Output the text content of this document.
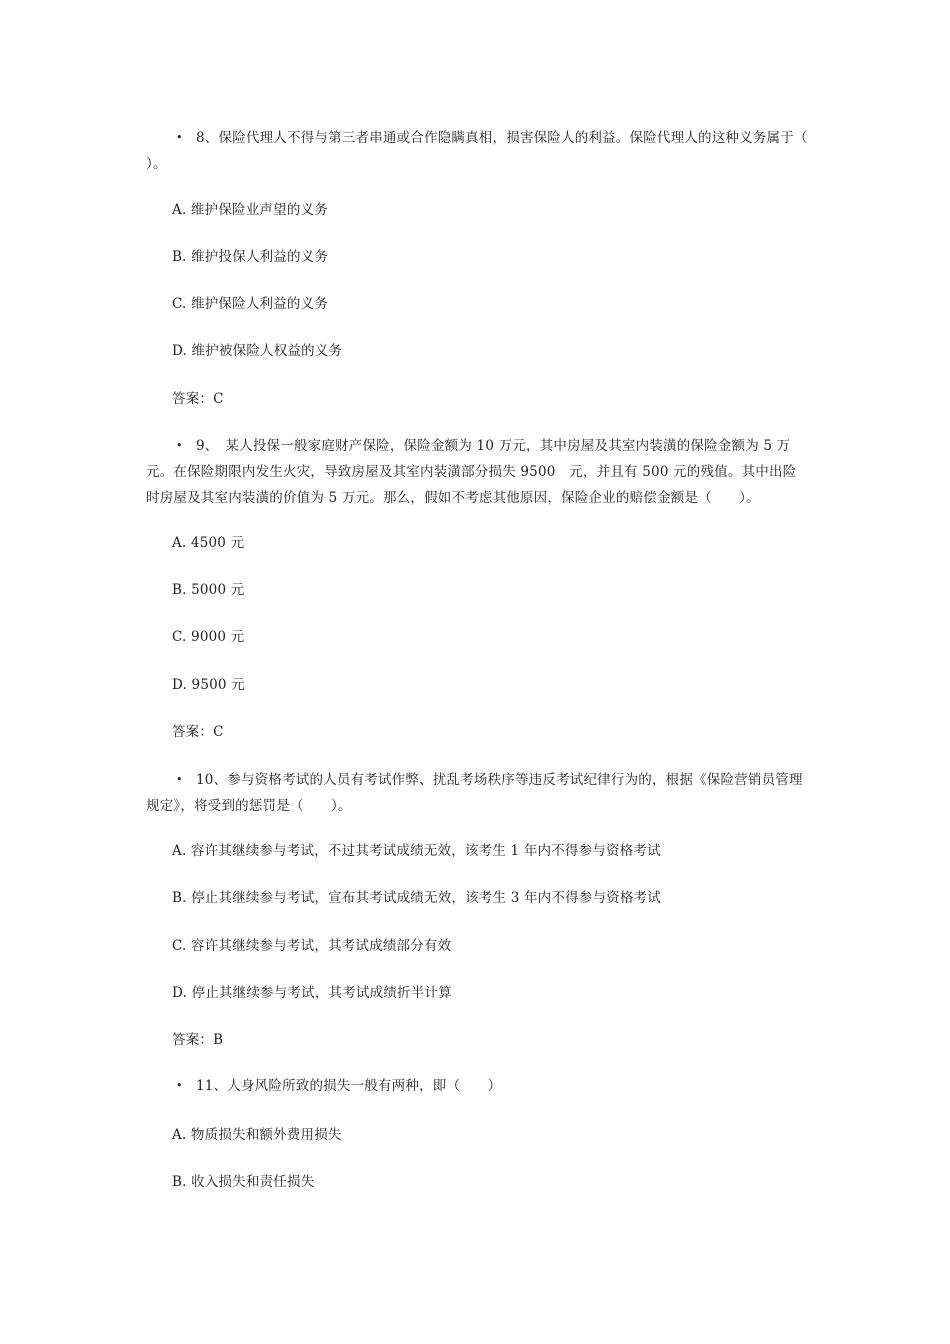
• 8、保险代理人不得与第三者串通或合作隐瞒真相，损害保险人的利益。保险代理人的这种义务属于（　　）。
A. 维护保险业声望的义务
B. 维护投保人利益的义务
C. 维护保险人利益的义务
D. 维护被保险人权益的义务
答案：C
• 9、　某人投保一般家庭财产保险，保险金额为 10 万元，其中房屋及其室内装潢的保险金额为 5 万元。在保险期限内发生火灾，导致房屋及其室内装潢部分损失 9500　元，并且有 500 元的残值。其中出险时房屋及其室内装潢的价值为 5 万元。那么，假如不考虑其他原因，保险企业的赔偿金额是（　　）。
A. 4500 元
B. 5000 元
C. 9000 元
D. 9500 元
答案：C
• 10、参与资格考试的人员有考试作弊、扰乱考场秩序等违反考试纪律行为的，根据《保险营销员管理规定》，将受到的惩罚是（　　）。
A. 容许其继续参与考试，不过其考试成绩无效，该考生 1 年内不得参与资格考试
B. 停止其继续参与考试，宣布其考试成绩无效，该考生 3 年内不得参与资格考试
C. 容许其继续参与考试，其考试成绩部分有效
D. 停止其继续参与考试，其考试成绩折半计算
答案：B
• 11、人身风险所致的损失一般有两种，即（　　）
A. 物质损失和额外费用损失
B. 收入损失和责任损失
